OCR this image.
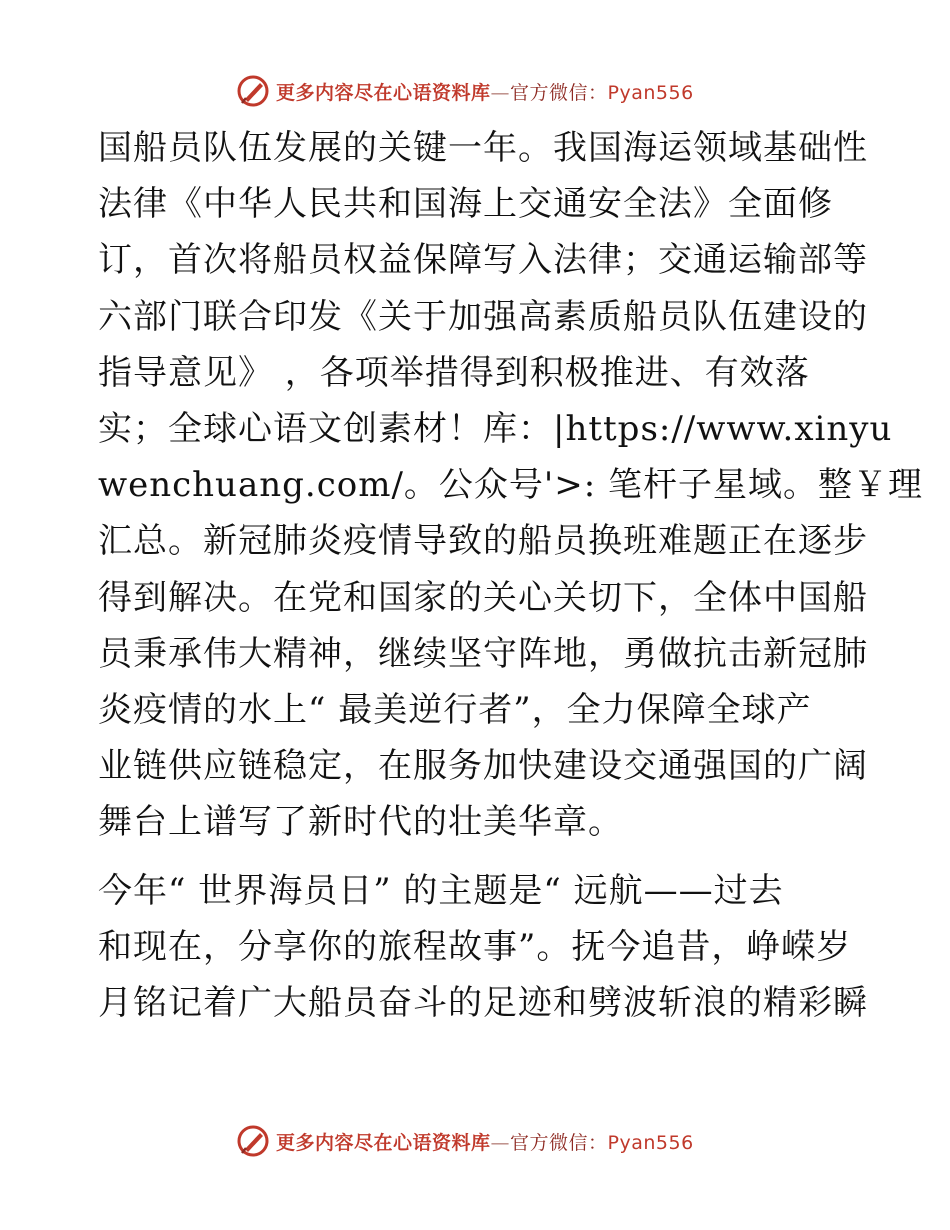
更多内容尽在心语资料库—官方微信：Pyan556

国船员队伍发展的关键一年。我国海运领域基础性
法律《中华人民共和国海上交通安全法》全面修
订，首次将船员权益保障写入法律；交通运输部等
六部门联合印发《关于加强高素质船员队伍建设的
指导意见》 ，各项举措得到积极推进、有效落
实；全球心语文创素材！库：|https://www.xinyu
wenchuang.com/。公众号'>: 笔杆子星域。整￥理
汇总。新冠肺炎疫情导致的船员换班难题正在逐步
得到解决。在党和国家的关心关切下，全体中国船
员秉承伟大精神，继续坚守阵地，勇做抗击新冠肺
炎疫情的水上“ 最美逆行者”，全力保障全球产
业链供应链稳定，在服务加快建设交通强国的广阔
舞台上谱写了新时代的壮美华章。

今年“ 世界海员日” 的主题是“ 远航——过去
和现在，分享你的旅程故事”。抚今追昔，峥嵘岁
月铭记着广大船员奋斗的足迹和劈波斩浪的精彩瞬

更多内容尽在心语资料库—官方微信：Pyan556
